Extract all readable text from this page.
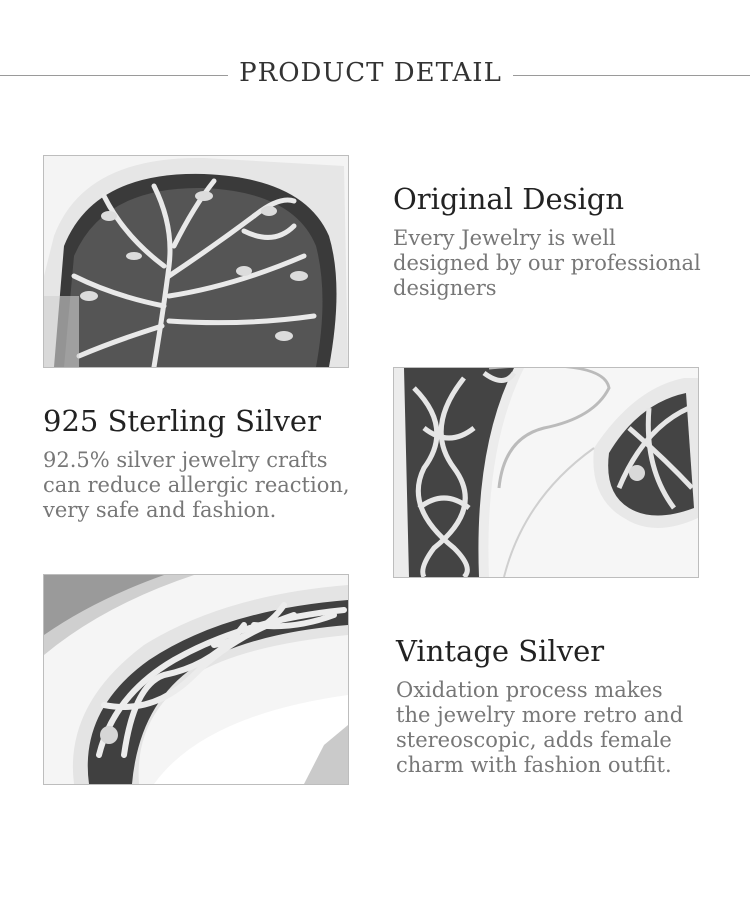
PRODUCT DETAIL
Original Design

Every Jewelry is well
designed by our professional
designers

925 Sterling Silver

92.5% silver jewelry crafts
can reduce allergic reaction,
very safe and fashion.

Vintage Silver

Oxidation process makes
the jewelry more retro and
stereoscopic, adds female
charm with fashion outfit.
